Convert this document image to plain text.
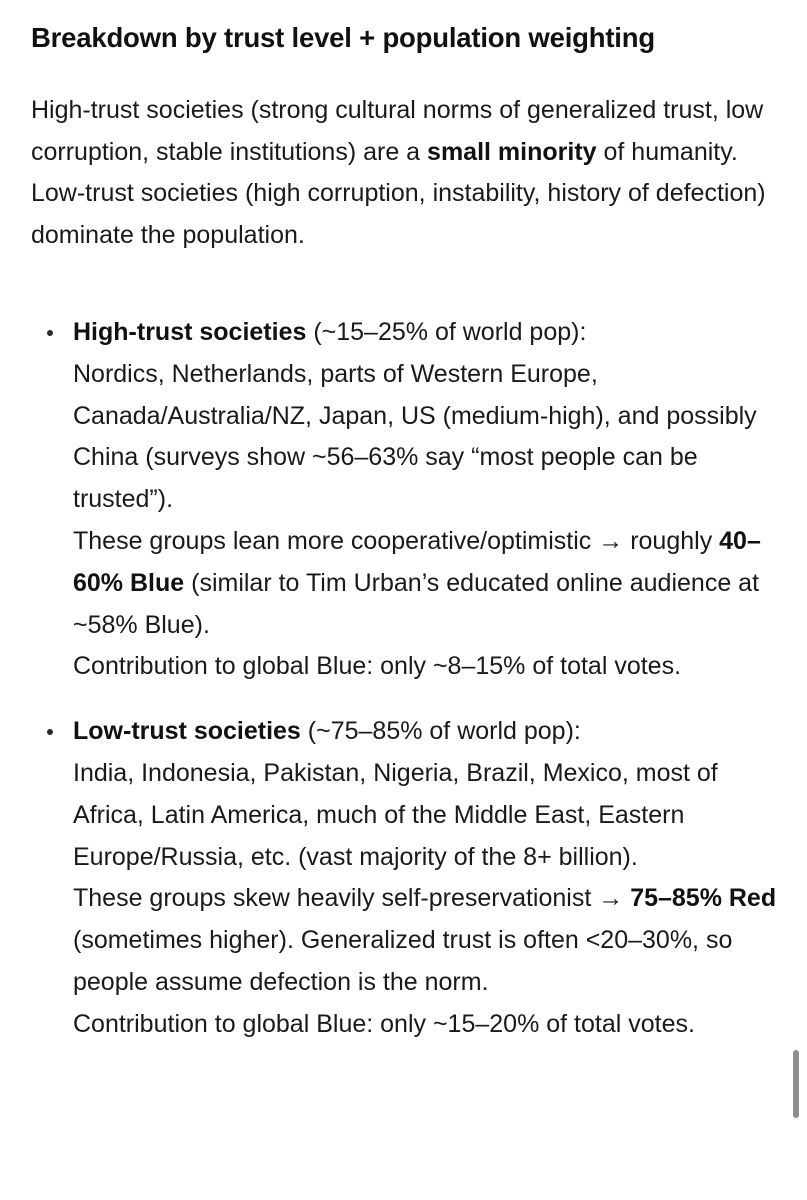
Breakdown by trust level + population weighting

High-trust societies (strong cultural norms of generalized trust, low corruption, stable institutions) are a small minority of humanity. Low-trust societies (high corruption, instability, history of defection) dominate the population.

High-trust societies (~15–25% of world pop):
Nordics, Netherlands, parts of Western Europe, Canada/Australia/NZ, Japan, US (medium-high), and possibly China (surveys show ~56–63% say “most people can be trusted”).
These groups lean more cooperative/optimistic → roughly 40–60% Blue (similar to Tim Urban’s educated online audience at ~58% Blue).
Contribution to global Blue: only ~8–15% of total votes.
Low-trust societies (~75–85% of world pop):
India, Indonesia, Pakistan, Nigeria, Brazil, Mexico, most of Africa, Latin America, much of the Middle East, Eastern Europe/Russia, etc. (vast majority of the 8+ billion).
These groups skew heavily self-preservationist → 75–85% Red (sometimes higher). Generalized trust is often <20–30%, so people assume defection is the norm.
Contribution to global Blue: only ~15–20% of total votes.
